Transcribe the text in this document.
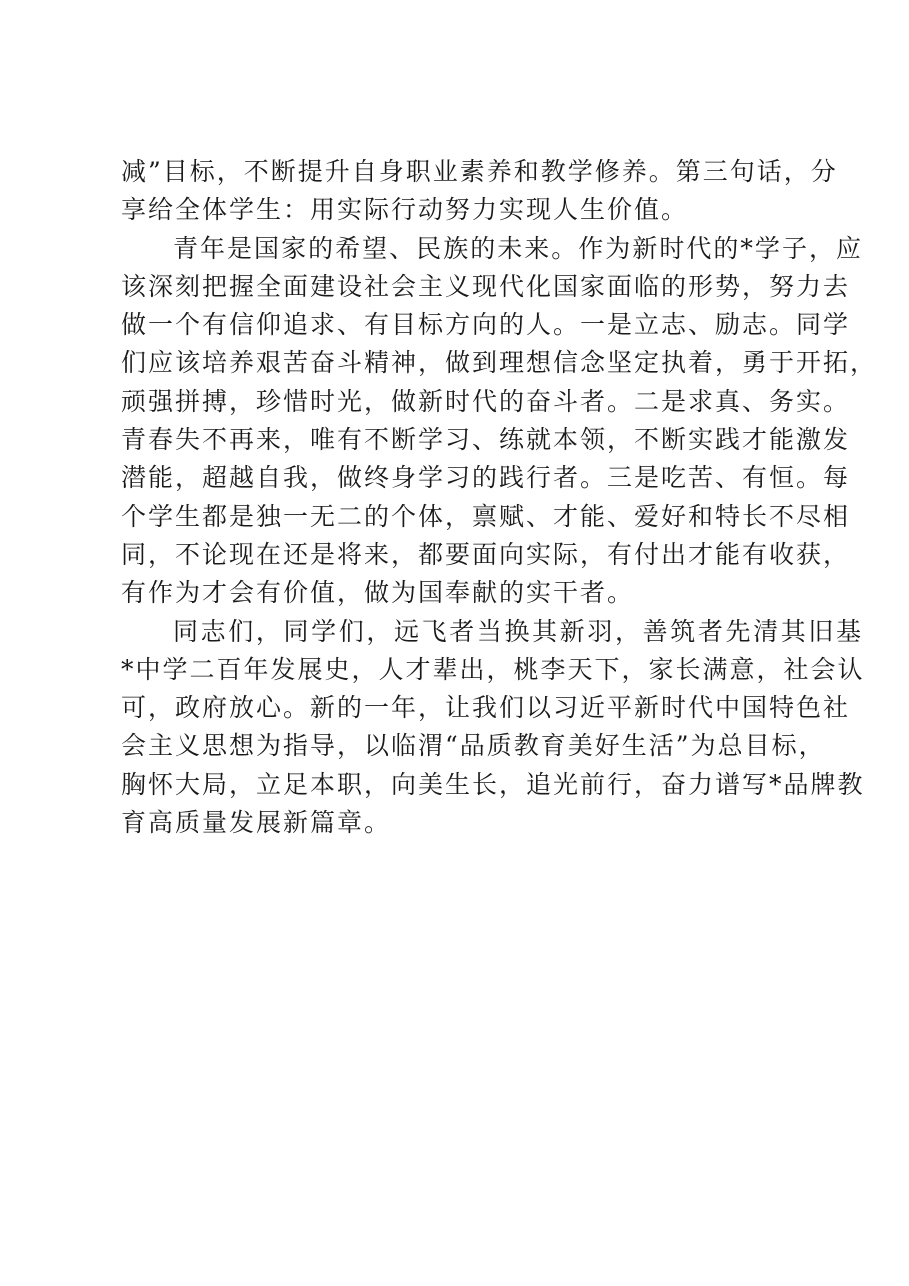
减”目标，不断提升自身职业素养和教学修养。第三句话，分
享给全体学生：用实际行动努力实现人生价值。
青年是国家的希望、民族的未来。作为新时代的*学子，应
该深刻把握全面建设社会主义现代化国家面临的形势，努力去
做一个有信仰追求、有目标方向的人。一是立志、励志。同学
们应该培养艰苦奋斗精神，做到理想信念坚定执着，勇于开拓，
顽强拼搏，珍惜时光，做新时代的奋斗者。二是求真、务实。
青春失不再来，唯有不断学习、练就本领，不断实践才能激发
潜能，超越自我，做终身学习的践行者。三是吃苦、有恒。每
个学生都是独一无二的个体，禀赋、才能、爱好和特长不尽相
同，不论现在还是将来，都要面向实际，有付出才能有收获，
有作为才会有价值，做为国奉献的实干者。
同志们，同学们，远飞者当换其新羽，善筑者先清其旧基
*中学二百年发展史，人才辈出，桃李天下，家长满意，社会认
可，政府放心。新的一年，让我们以习近平新时代中国特色社
会主义思想为指导，以临渭“品质教育美好生活”为总目标，
胸怀大局，立足本职，向美生长，追光前行，奋力谱写*品牌教
育高质量发展新篇章。
